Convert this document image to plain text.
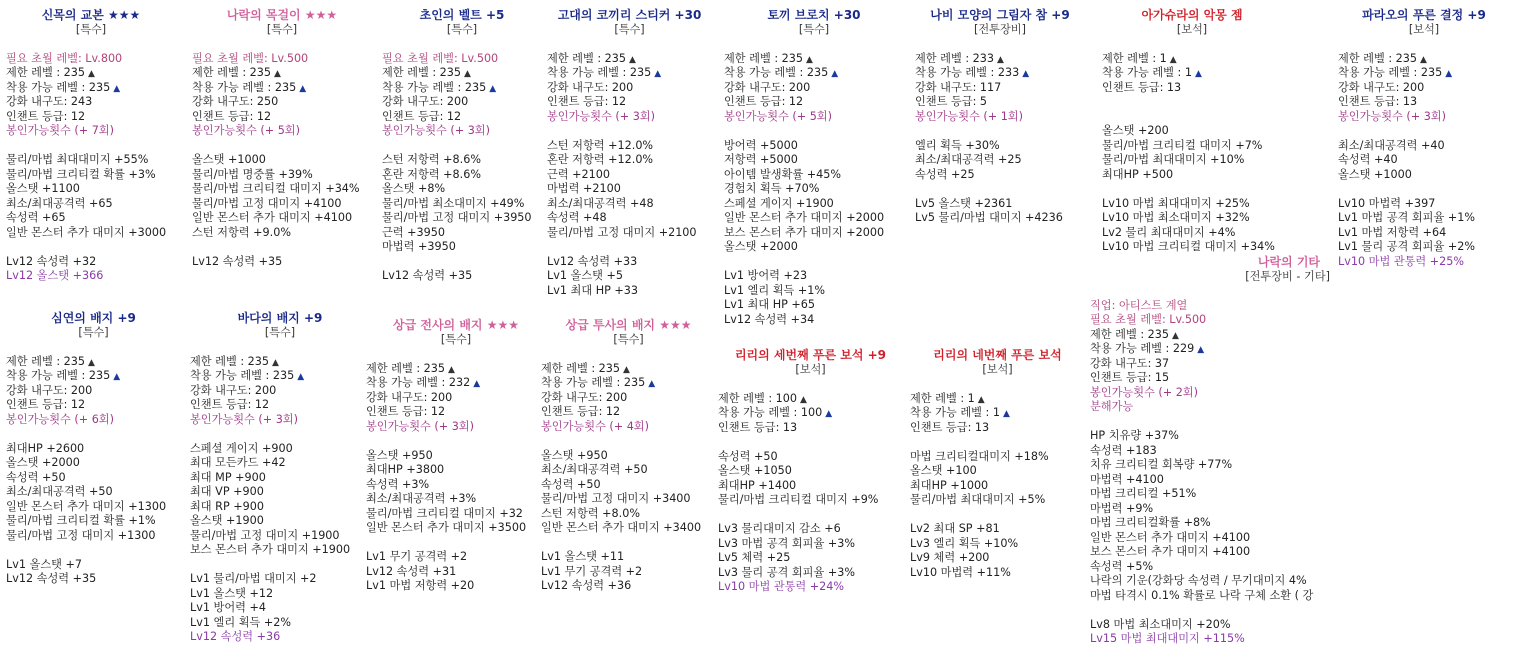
신목의 교본 ★★★
[특수]
필요 초월 레벨: Lv.800
제한 레벨 : 235 ▲
착용 가능 레벨 : 235 ▲
강화 내구도: 243
인챈트 등급: 12
봉인가능횟수 (+ 7회)
물리/마법 최대대미지 +55%
물리/마법 크리티컬 확률 +3%
올스탯 +1100
최소/최대공격력 +65
속성력 +65
일반 몬스터 추가 대미지 +3000
Lv12 속성력 +32
Lv12 올스탯 +366
나락의 목걸이 ★★★
[특수]
필요 초월 레벨: Lv.500
제한 레벨 : 235 ▲
착용 가능 레벨 : 235 ▲
강화 내구도: 250
인챈트 등급: 12
봉인가능횟수 (+ 5회)
올스탯 +1000
물리/마법 명중률 +39%
물리/마법 크리티컬 대미지 +34%
물리/마법 고정 대미지 +4100
일반 몬스터 추가 대미지 +4100
스턴 저항력 +9.0%
Lv12 속성력 +35
초인의 벨트 +5
[특수]
필요 초월 레벨: Lv.500
제한 레벨 : 235 ▲
착용 가능 레벨 : 235 ▲
강화 내구도: 200
인챈트 등급: 12
봉인가능횟수 (+ 3회)
스턴 저항력 +8.6%
혼란 저항력 +8.6%
올스탯 +8%
물리/마법 최소대미지 +49%
물리/마법 고정 대미지 +3950
근력 +3950
마법력 +3950
Lv12 속성력 +35
고대의 코끼리 스티커 +30
[특수]
제한 레벨 : 235 ▲
착용 가능 레벨 : 235 ▲
강화 내구도: 200
인챈트 등급: 12
봉인가능횟수 (+ 3회)
스턴 저항력 +12.0%
혼란 저항력 +12.0%
근력 +2100
마법력 +2100
최소/최대공격력 +48
속성력 +48
물리/마법 고정 대미지 +2100
Lv12 속성력 +33
Lv1 올스탯 +5
Lv1 최대 HP +33
토끼 브로치 +30
[특수]
제한 레벨 : 235 ▲
착용 가능 레벨 : 235 ▲
강화 내구도: 200
인챈트 등급: 12
봉인가능횟수 (+ 5회)
방어력 +5000
저항력 +5000
아이템 발생확률 +45%
경험치 획득 +70%
스페셜 게이지 +1900
일반 몬스터 추가 대미지 +2000
보스 몬스터 추가 대미지 +2000
올스탯 +2000
Lv1 방어력 +23
Lv1 엘리 획득 +1%
Lv1 최대 HP +65
Lv12 속성력 +34
나비 모양의 그림자 참 +9
[전투장비]
제한 레벨 : 233 ▲
착용 가능 레벨 : 233 ▲
강화 내구도: 117
인챈트 등급: 5
봉인가능횟수 (+ 1회)
엘리 획득 +30%
최소/최대공격력 +25
속성력 +25
Lv5 올스탯 +2361
Lv5 물리/마법 대미지 +4236
아가슈라의 악몽 젬
[보석]
제한 레벨 : 1 ▲
착용 가능 레벨 : 1 ▲
인챈트 등급: 13
올스탯 +200
물리/마법 크리티컬 대미지 +7%
물리/마법 최대대미지 +10%
최대HP +500
Lv10 마법 최대대미지 +25%
Lv10 마법 최소대미지 +32%
Lv2 물리 최대대미지 +4%
Lv10 마법 크리티컬 대미지 +34%
파라오의 푸른 결정 +9
[보석]
제한 레벨 : 235 ▲
착용 가능 레벨 : 235 ▲
강화 내구도: 200
인챈트 등급: 13
봉인가능횟수 (+ 3회)
최소/최대공격력 +40
속성력 +40
올스탯 +1000
Lv10 마법력 +397
Lv1 마법 공격 회피율 +1%
Lv1 마법 저항력 +64
Lv1 물리 공격 회피율 +2%
Lv10 마법 관통력 +25%
심연의 배지 +9
[특수]
제한 레벨 : 235 ▲
착용 가능 레벨 : 235 ▲
강화 내구도: 200
인챈트 등급: 12
봉인가능횟수 (+ 6회)
최대HP +2600
올스탯 +2000
속성력 +50
최소/최대공격력 +50
일반 몬스터 추가 대미지 +1300
물리/마법 크리티컬 확률 +1%
물리/마법 고정 대미지 +1300
Lv1 올스탯 +7
Lv12 속성력 +35
바다의 배지 +9
[특수]
제한 레벨 : 235 ▲
착용 가능 레벨 : 235 ▲
강화 내구도: 200
인챈트 등급: 12
봉인가능횟수 (+ 3회)
스페셜 게이지 +900
최대 모든카드 +42
최대 MP +900
최대 VP +900
최대 RP +900
올스탯 +1900
물리/마법 고정 대미지 +1900
보스 몬스터 추가 대미지 +1900
Lv1 물리/마법 대미지 +2
Lv1 올스탯 +12
Lv1 방어력 +4
Lv1 엘리 획득 +2%
Lv12 속성력 +36
상급 전사의 배지 ★★★
[특수]
제한 레벨 : 235 ▲
착용 가능 레벨 : 232 ▲
강화 내구도: 200
인챈트 등급: 12
봉인가능횟수 (+ 3회)
올스탯 +950
최대HP +3800
속성력 +3%
최소/최대공격력 +3%
물리/마법 크리티컬 대미지 +32
일반 몬스터 추가 대미지 +3500
Lv1 무기 공격력 +2
Lv12 속성력 +31
Lv1 마법 저항력 +20
상급 투사의 배지 ★★★
[특수]
제한 레벨 : 235 ▲
착용 가능 레벨 : 235 ▲
강화 내구도: 200
인챈트 등급: 12
봉인가능횟수 (+ 4회)
올스탯 +950
최소/최대공격력 +50
속성력 +50
물리/마법 고정 대미지 +3400
스턴 저항력 +8.0%
일반 몬스터 추가 대미지 +3400
Lv1 올스탯 +11
Lv1 무기 공격력 +2
Lv12 속성력 +36
리리의 세번째 푸른 보석 +9
[보석]
제한 레벨 : 100 ▲
착용 가능 레벨 : 100 ▲
인챈트 등급: 13
속성력 +50
올스탯 +1050
최대HP +1400
물리/마법 크리티컬 대미지 +9%
Lv3 물리대미지 감소 +6
Lv3 마법 공격 회피율 +3%
Lv5 체력 +25
Lv3 물리 공격 회피율 +3%
Lv10 마법 관통력 +24%
리리의 네번째 푸른 보석
[보석]
제한 레벨 : 1 ▲
착용 가능 레벨 : 1 ▲
인챈트 등급: 13
마법 크리티컬대미지 +18%
올스탯 +100
최대HP +1000
물리/마법 최대대미지 +5%
Lv2 최대 SP +81
Lv3 엘리 획득 +10%
Lv9 체력 +200
Lv10 마법력 +11%
나락의 기타
[전투장비 - 기타]
직업: 아티스트 계열
필요 초월 레벨: Lv.500
제한 레벨 : 235 ▲
착용 가능 레벨 : 229 ▲
강화 내구도: 37
인챈트 등급: 15
봉인가능횟수 (+ 2회)
분해가능
HP 치유량 +37%
속성력 +183
치유 크리티컬 회복량 +77%
마법력 +4100
마법 크리티컬 +51%
마법력 +9%
마법 크리티컬확률 +8%
일반 몬스터 추가 대미지 +4100
보스 몬스터 추가 대미지 +4100
속성력 +5%
나락의 기운(강화당 속성력 / 무기대미지 4%
마법 타격시 0.1% 확률로 나락 구체 소환 ( 강
Lv8 마법 최소대미지 +20%
Lv15 마법 최대대미지 +115%
